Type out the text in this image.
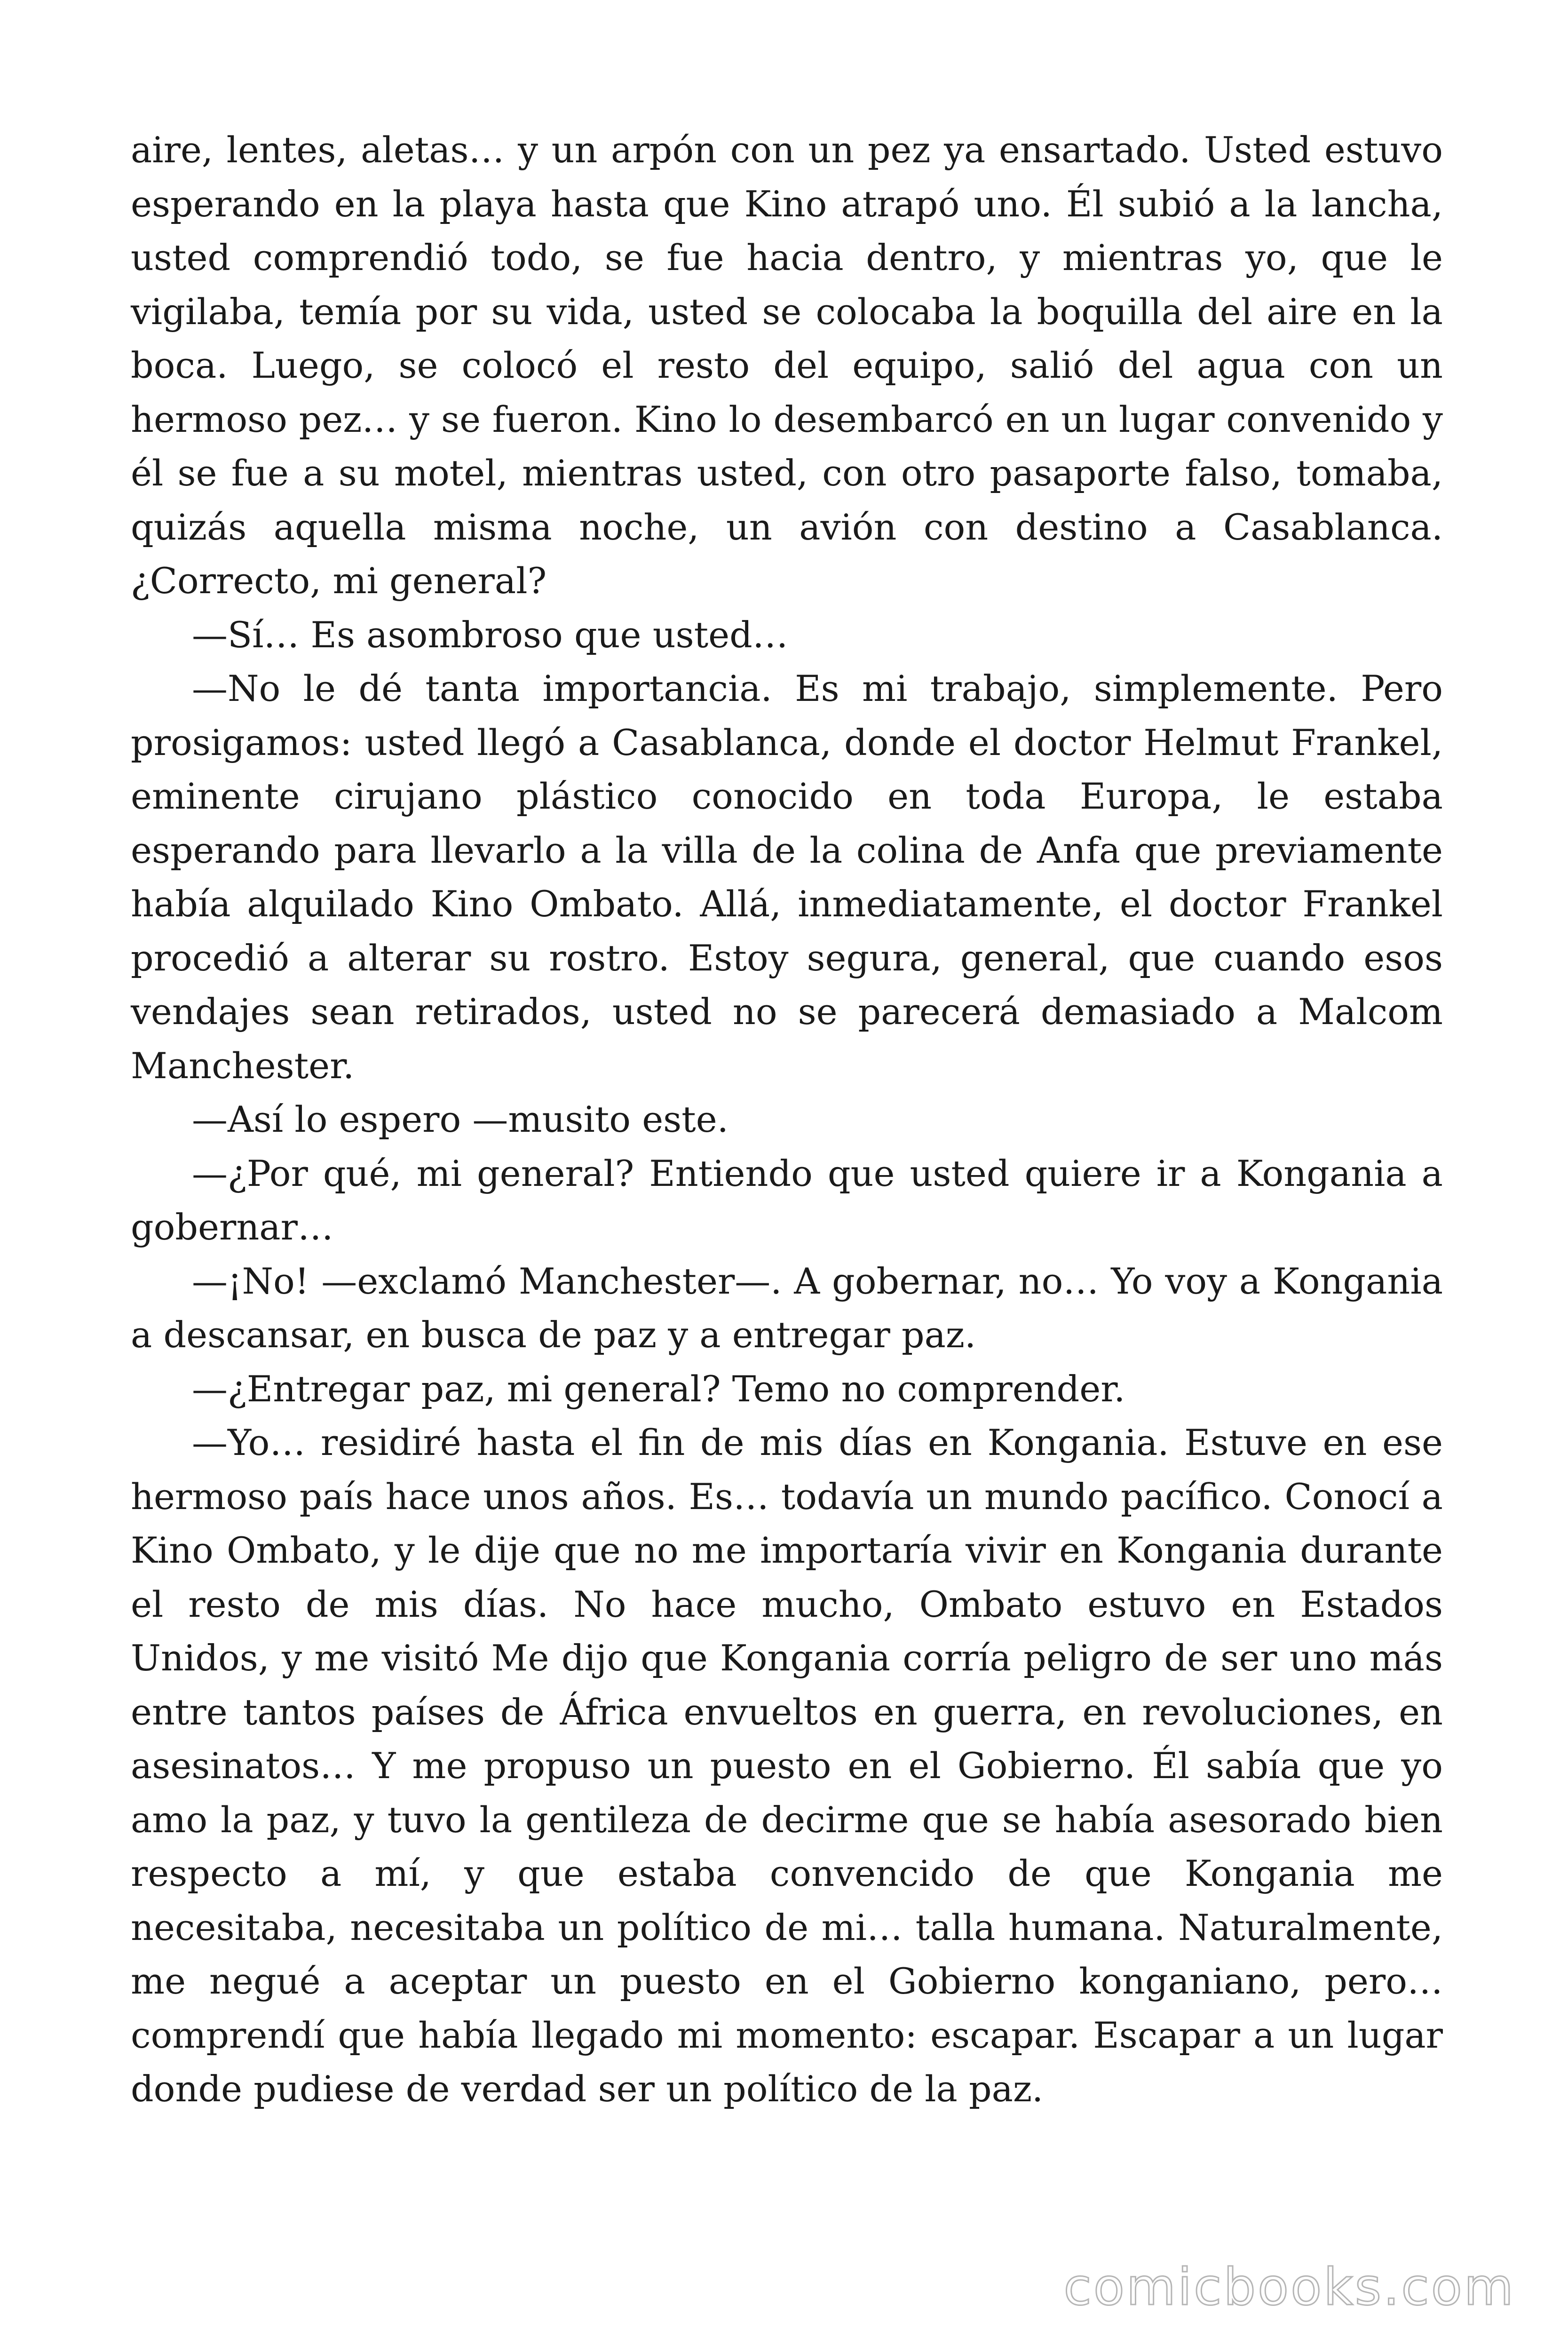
aire, lentes, aletas… y un arpón con un pez ya ensartado. Usted estuvo esperando en la playa hasta que Kino atrapó uno. Él subió a la lancha, usted comprendió todo, se fue hacia dentro, y mientras yo, que le vigilaba, temía por su vida, usted se colocaba la boquilla del aire en la boca. Luego, se colocó el resto del equipo, salió del agua con un hermoso pez… y se fueron. Kino lo desembarcó en un lugar convenido y él se fue a su motel, mientras usted, con otro pasaporte falso, tomaba, quizás aquella misma noche, un avión con destino a Casablanca. ¿Correcto, mi general?

—Sí… Es asombroso que usted…

—No le dé tanta importancia. Es mi trabajo, simplemente. Pero prosigamos: usted llegó a Casablanca, donde el doctor Helmut Frankel, eminente cirujano plástico conocido en toda Europa, le estaba esperando para llevarlo a la villa de la colina de Anfa que previamente había alquilado Kino Ombato. Allá, inmediatamente, el doctor Frankel procedió a alterar su rostro. Estoy segura, general, que cuando esos vendajes sean retirados, usted no se parecerá demasiado a Malcom Manchester.

—Así lo espero —musito este.

—¿Por qué, mi general? Entiendo que usted quiere ir a Kongania a gobernar…

—¡No! —exclamó Manchester—. A gobernar, no… Yo voy a Kongania a descansar, en busca de paz y a entregar paz.

—¿Entregar paz, mi general? Temo no comprender.

—Yo… residiré hasta el fin de mis días en Kongania. Estuve en ese hermoso país hace unos años. Es… todavía un mundo pacífico. Conocí a Kino Ombato, y le dije que no me importaría vivir en Kongania durante el resto de mis días. No hace mucho, Ombato estuvo en Estados Unidos, y me visitó Me dijo que Kongania corría peligro de ser uno más entre tantos países de África envueltos en guerra, en revoluciones, en asesinatos… Y me propuso un puesto en el Gobierno. Él sabía que yo amo la paz, y tuvo la gentileza de decirme que se había asesorado bien respecto a mí, y que estaba convencido de que Kongania me necesitaba, necesitaba un político de mi… talla humana. Naturalmente, me negué a aceptar un puesto en el Gobierno konganiano, pero… comprendí que había llegado mi momento: escapar. Escapar a un lugar donde pudiese de verdad ser un político de la paz.

comicbooks.com
